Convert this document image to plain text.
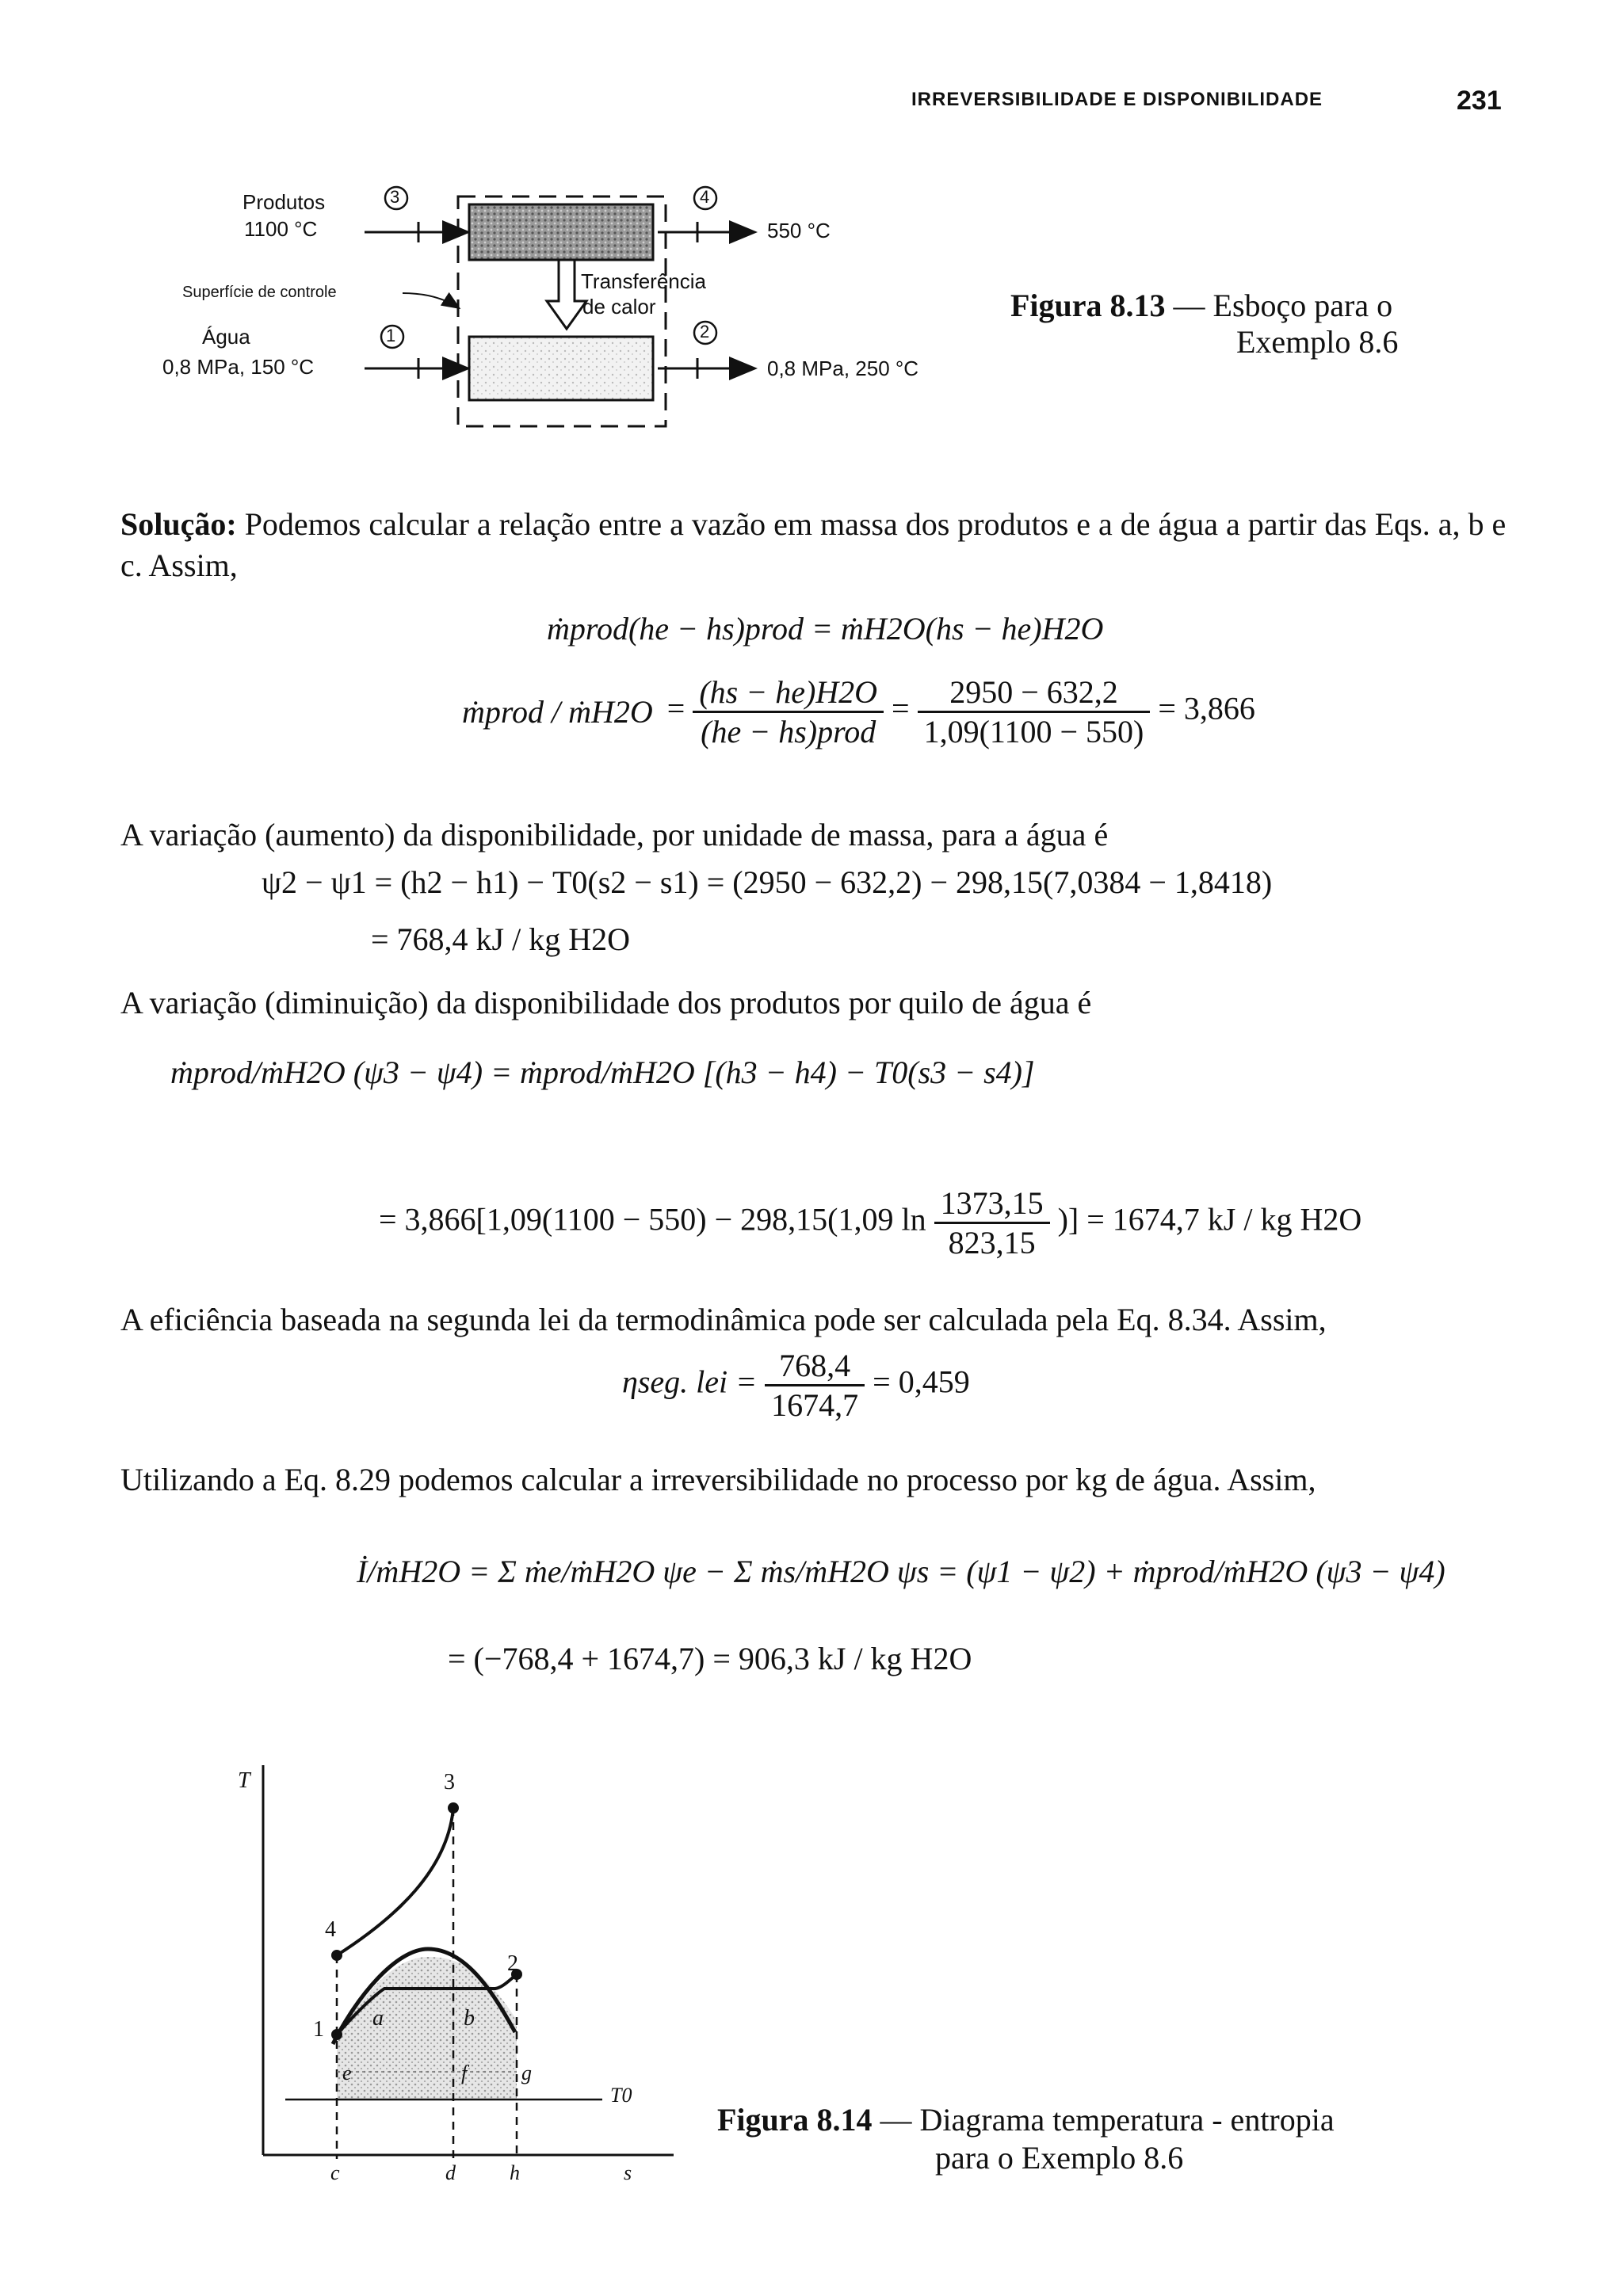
IRREVERSIBILIDADE E DISPONIBILIDADE	231
Produtos
1100 °C
3	4
550 °C
Superfície de controle	Transferência
de calor
Água
0,8 MPa, 150 °C
1	2
0,8 MPa, 250 °C
Figura 8.13 — Esboço para o
Exemplo 8.6
Solução: Podemos calcular a relação entre a vazão em massa dos produtos e a de água a partir das Eqs. a, b e c. Assim,
ṁprod(he − hs)prod = ṁH2O(hs − he)H2O
ṁprod / ṁH2O = $\frac{(hs - he)H2O}{\text{(he − hs)prod}} = \frac{2950 - 632,2}{1,09(1100 - 550)} = 3,866$
A variação (aumento) da disponibilidade, por unidade de massa, para a água é
ψ2 − ψ1 = (h2 − h1) − T0(s2 − s1) = (2950 − 632,2) − 298,15(7,0384 − 1,8418)
= 768,4 kJ / kg H2O
A variação (diminuição) da disponibilidade dos produtos por quilo de água é
ṁprod/ṁH2O (ψ3 − ψ4) = ṁprod/ṁH2O [(h3 − h4) − T0(s3 − s4)]
= 3,866[1,09(1100 − 550) − 298,15(1,09 $\ln \frac{1373,15}{823,15}$ )] = 1674,7 kJ / kg H2O
A eficiência baseada na segunda lei da termodinâmica pode ser calculada pela Eq. 8.34. Assim,
ηseg. lei = $\frac{768,4}{1674,7} = 0,459$
Utilizando a Eq. 8.29 podemos calcular a irreversibilidade no processo por kg de água. Assim,
İ/ṁH2O = Σ ṁe/ṁH2O ψe − Σ ṁs/ṁH2O ψs = (ψ1 − ψ2) + ṁprod/ṁH2O (ψ3 − ψ4)
= (−768,4 + 1674,7) = 906,3 kJ / kg H2O
T	3
4
2
1 a	b
e	f	g
T0
c	d	h	s
Figura 8.14 — Diagrama temperatura - entropia
para o Exemplo 8.6
